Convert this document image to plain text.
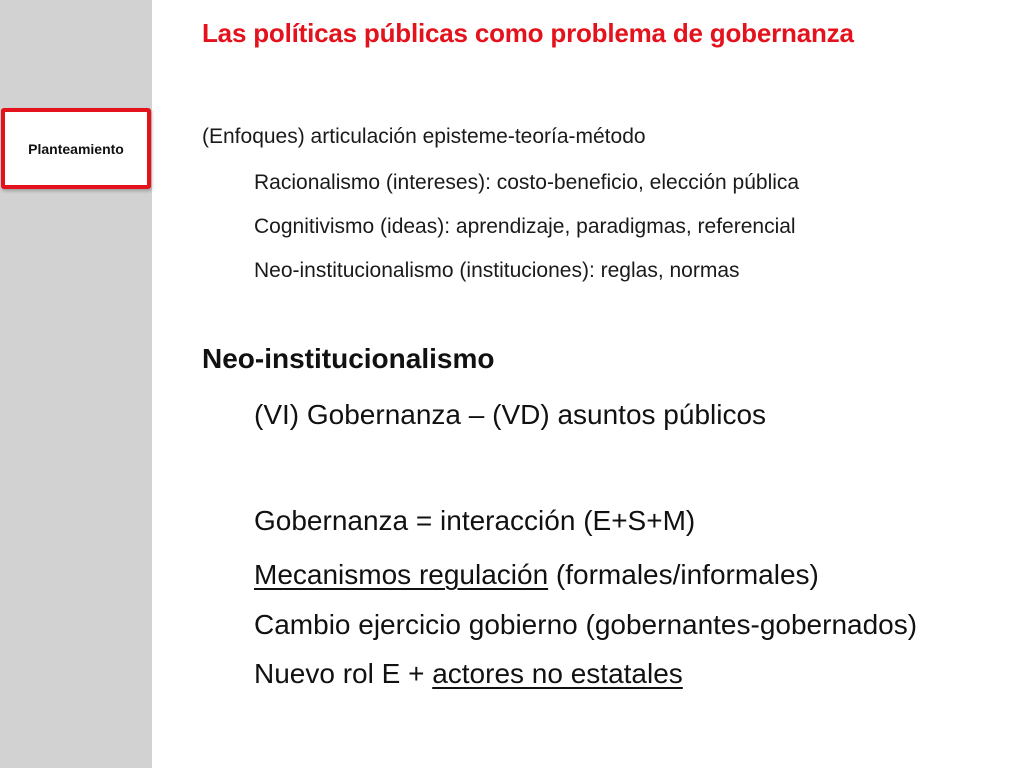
Planteamiento
Las políticas públicas como problema de gobernanza
(Enfoques) articulación episteme-teoría-método
Racionalismo (intereses): costo-beneficio, elección pública
Cognitivismo (ideas): aprendizaje, paradigmas, referencial
Neo-institucionalismo (instituciones): reglas, normas
Neo-institucionalismo
(VI) Gobernanza – (VD) asuntos públicos
Gobernanza = interacción (E+S+M)
Mecanismos regulación (formales/informales)
Cambio ejercicio gobierno (gobernantes-gobernados)
Nuevo rol E + actores no estatales
